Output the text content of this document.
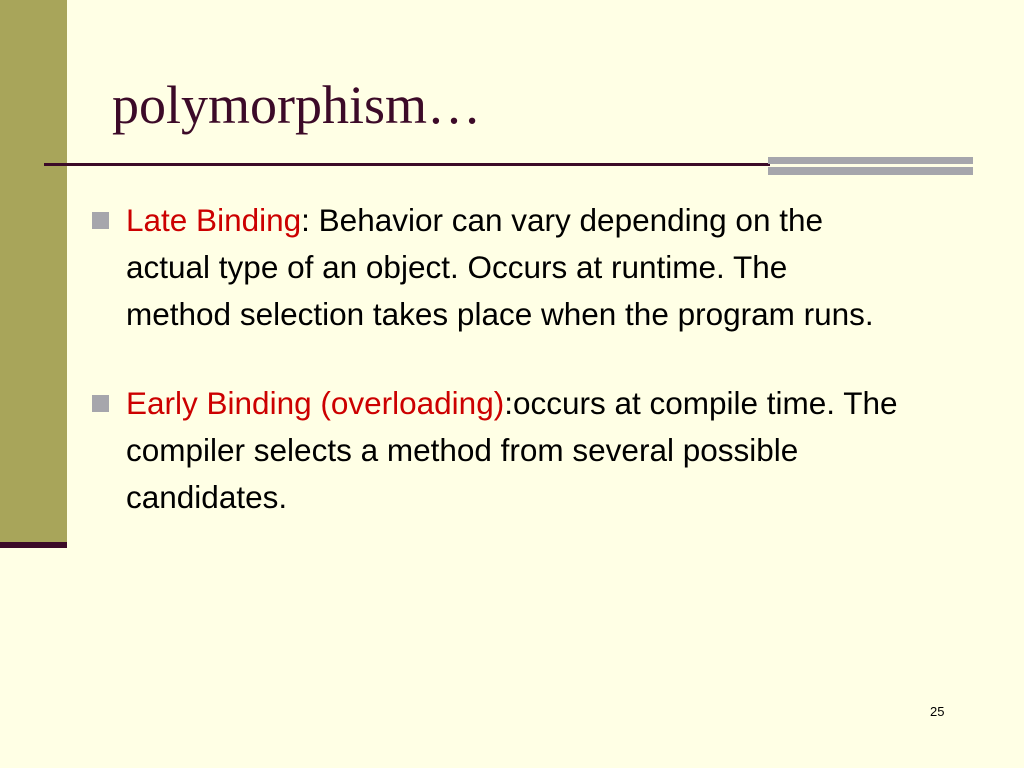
polymorphism…
Late Binding: Behavior can vary depending on the actual type of an object. Occurs at runtime. The method selection takes place when the program runs.
Early Binding (overloading):occurs at compile time. The compiler selects a method from several possible candidates.
25
